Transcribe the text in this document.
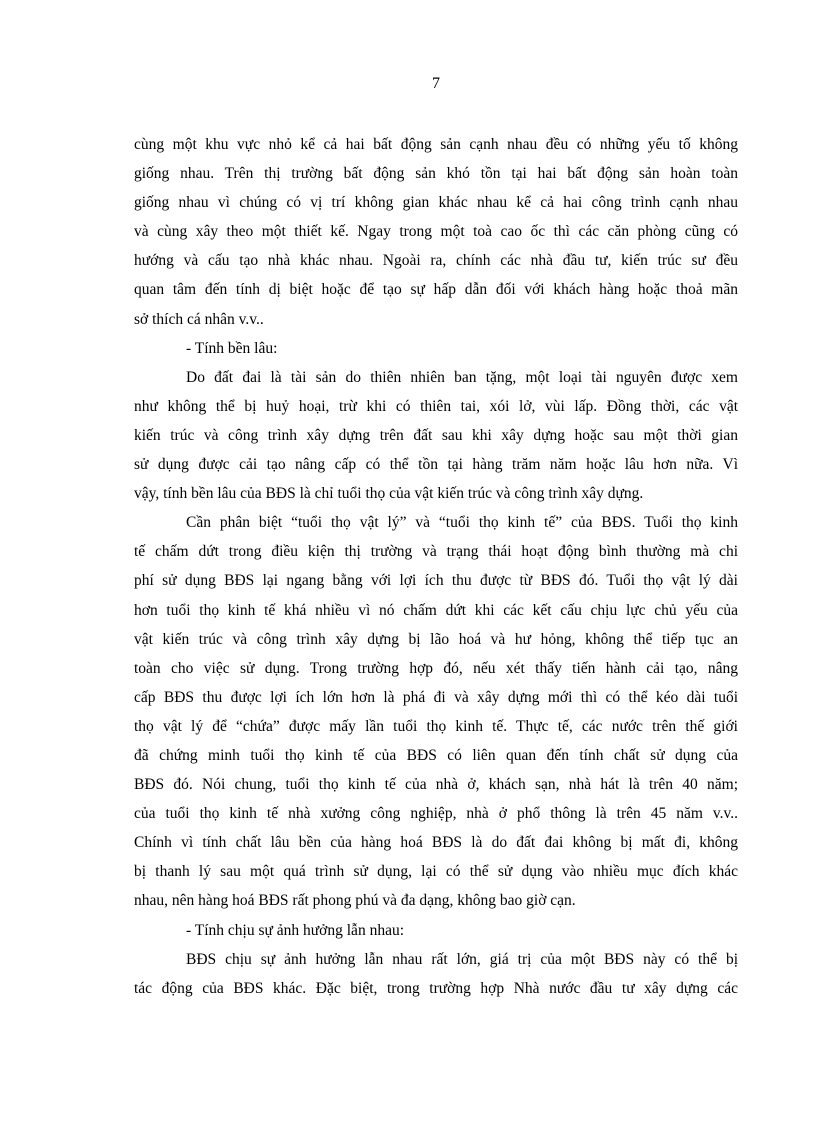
7
cùng một khu vực nhỏ kể cả hai bất động sản cạnh nhau đều có những yếu tố không
giống nhau. Trên thị trường bất động sản khó tồn tại hai bất động sản hoàn toàn
giống nhau vì chúng có vị trí không gian khác nhau kể cả hai công trình cạnh nhau
và cùng xây theo một thiết kế. Ngay trong một toà cao ốc thì các căn phòng cũng có
hướng và cấu tạo nhà khác nhau. Ngoài ra, chính các nhà đầu tư, kiến trúc sư đều
quan tâm đến tính dị biệt hoặc để tạo sự hấp dẫn đối với khách hàng hoặc thoả mãn
sở thích cá nhân v.v..
- Tính bền lâu:
Do đất đai là tài sản do thiên nhiên ban tặng, một loại tài nguyên được xem
như không thể bị huỷ hoại, trừ khi có thiên tai, xói lở, vùi lấp. Đồng thời, các vật
kiến trúc và công trình xây dựng trên đất sau khi xây dựng hoặc sau một thời gian
sử dụng được cải tạo nâng cấp có thể tồn tại hàng trăm năm hoặc lâu hơn nữa. Vì
vậy, tính bền lâu của BĐS là chỉ tuổi thọ của vật kiến trúc và công trình xây dựng.
Cần phân biệt “tuổi thọ vật lý” và “tuổi thọ kinh tế” của BĐS. Tuổi thọ kinh
tế chấm dứt trong điều kiện thị trường và trạng thái hoạt động bình thường mà chi
phí sử dụng BĐS lại ngang bằng với lợi ích thu được từ BĐS đó. Tuổi thọ vật lý dài
hơn tuổi thọ kinh tế khá nhiều vì nó chấm dứt khi các kết cấu chịu lực chủ yếu của
vật kiến trúc và công trình xây dựng bị lão hoá và hư hỏng, không thể tiếp tục an
toàn cho việc sử dụng. Trong trường hợp đó, nếu xét thấy tiến hành cải tạo, nâng
cấp BĐS thu được lợi ích lớn hơn là phá đi và xây dựng mới thì có thể kéo dài tuổi
thọ vật lý để “chứa” được mấy lần tuổi thọ kinh tế. Thực tế, các nước trên thế giới
đã chứng minh tuổi thọ kinh tế của BĐS có liên quan đến tính chất sử dụng của
BĐS đó. Nói chung, tuổi thọ kinh tế của nhà ở, khách sạn, nhà hát là trên 40 năm;
của tuổi thọ kinh tế nhà xưởng công nghiệp, nhà ở phổ thông là trên 45 năm v.v..
Chính vì tính chất lâu bền của hàng hoá BĐS là do đất đai không bị mất đi, không
bị thanh lý sau một quá trình sử dụng, lại có thể sử dụng vào nhiều mục đích khác
nhau, nên hàng hoá BĐS rất phong phú và đa dạng, không bao giờ cạn.
- Tính chịu sự ảnh hưởng lẫn nhau:
BĐS chịu sự ảnh hưởng lẫn nhau rất lớn, giá trị của một BĐS này có thể bị
tác động của BĐS khác. Đặc biệt, trong trường hợp Nhà nước đầu tư xây dựng các
